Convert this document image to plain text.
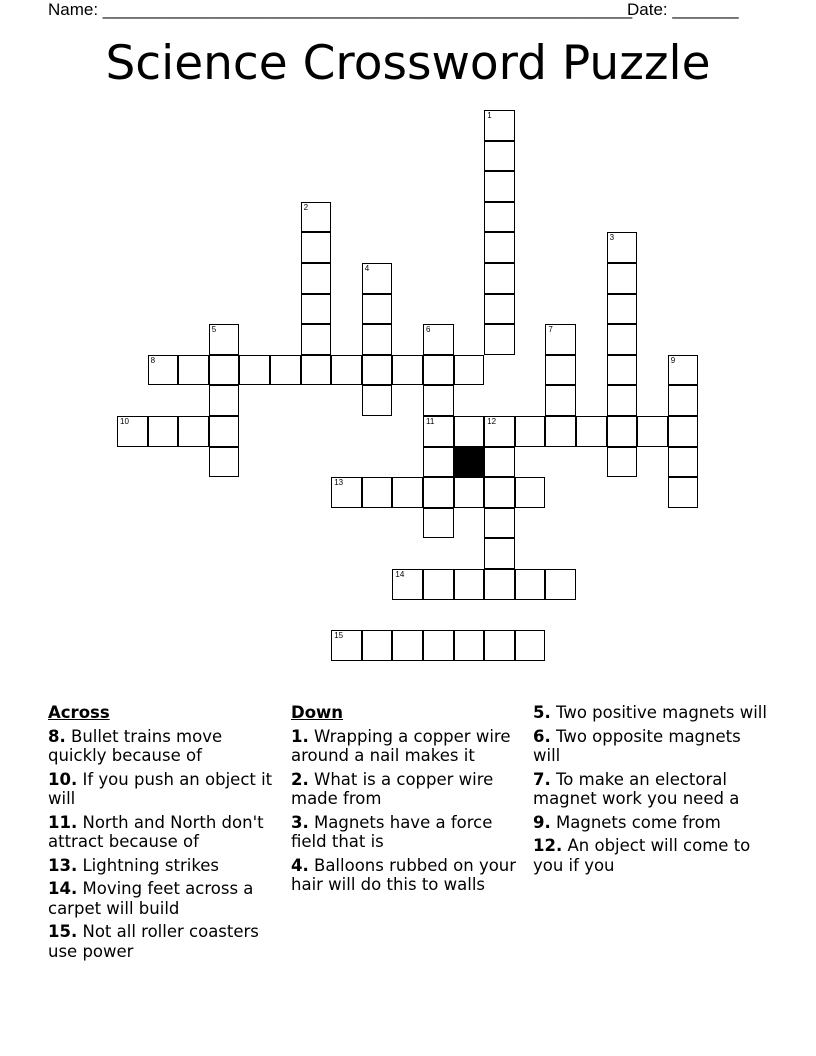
Name: ________________________________________________________
Date: _______
Science Crossword Puzzle
1
2
3
4
5	6
11
7
8	9
10	12
13
14
15
Across
8. Bullet trains move quickly because of
10. If you push an object it will
11. North and North don't attract because of
13. Lightning strikes
14. Moving feet across a carpet will build
15. Not all roller coasters use power
Down
1. Wrapping a copper wire around a nail makes it
2. What is a copper wire made from
3. Magnets have a force field that is
4. Balloons rubbed on your hair will do this to walls
5. Two positive magnets will
6. Two opposite magnets will
7. To make an electoral magnet work you need a
9. Magnets come from
12. An object will come to you if you
